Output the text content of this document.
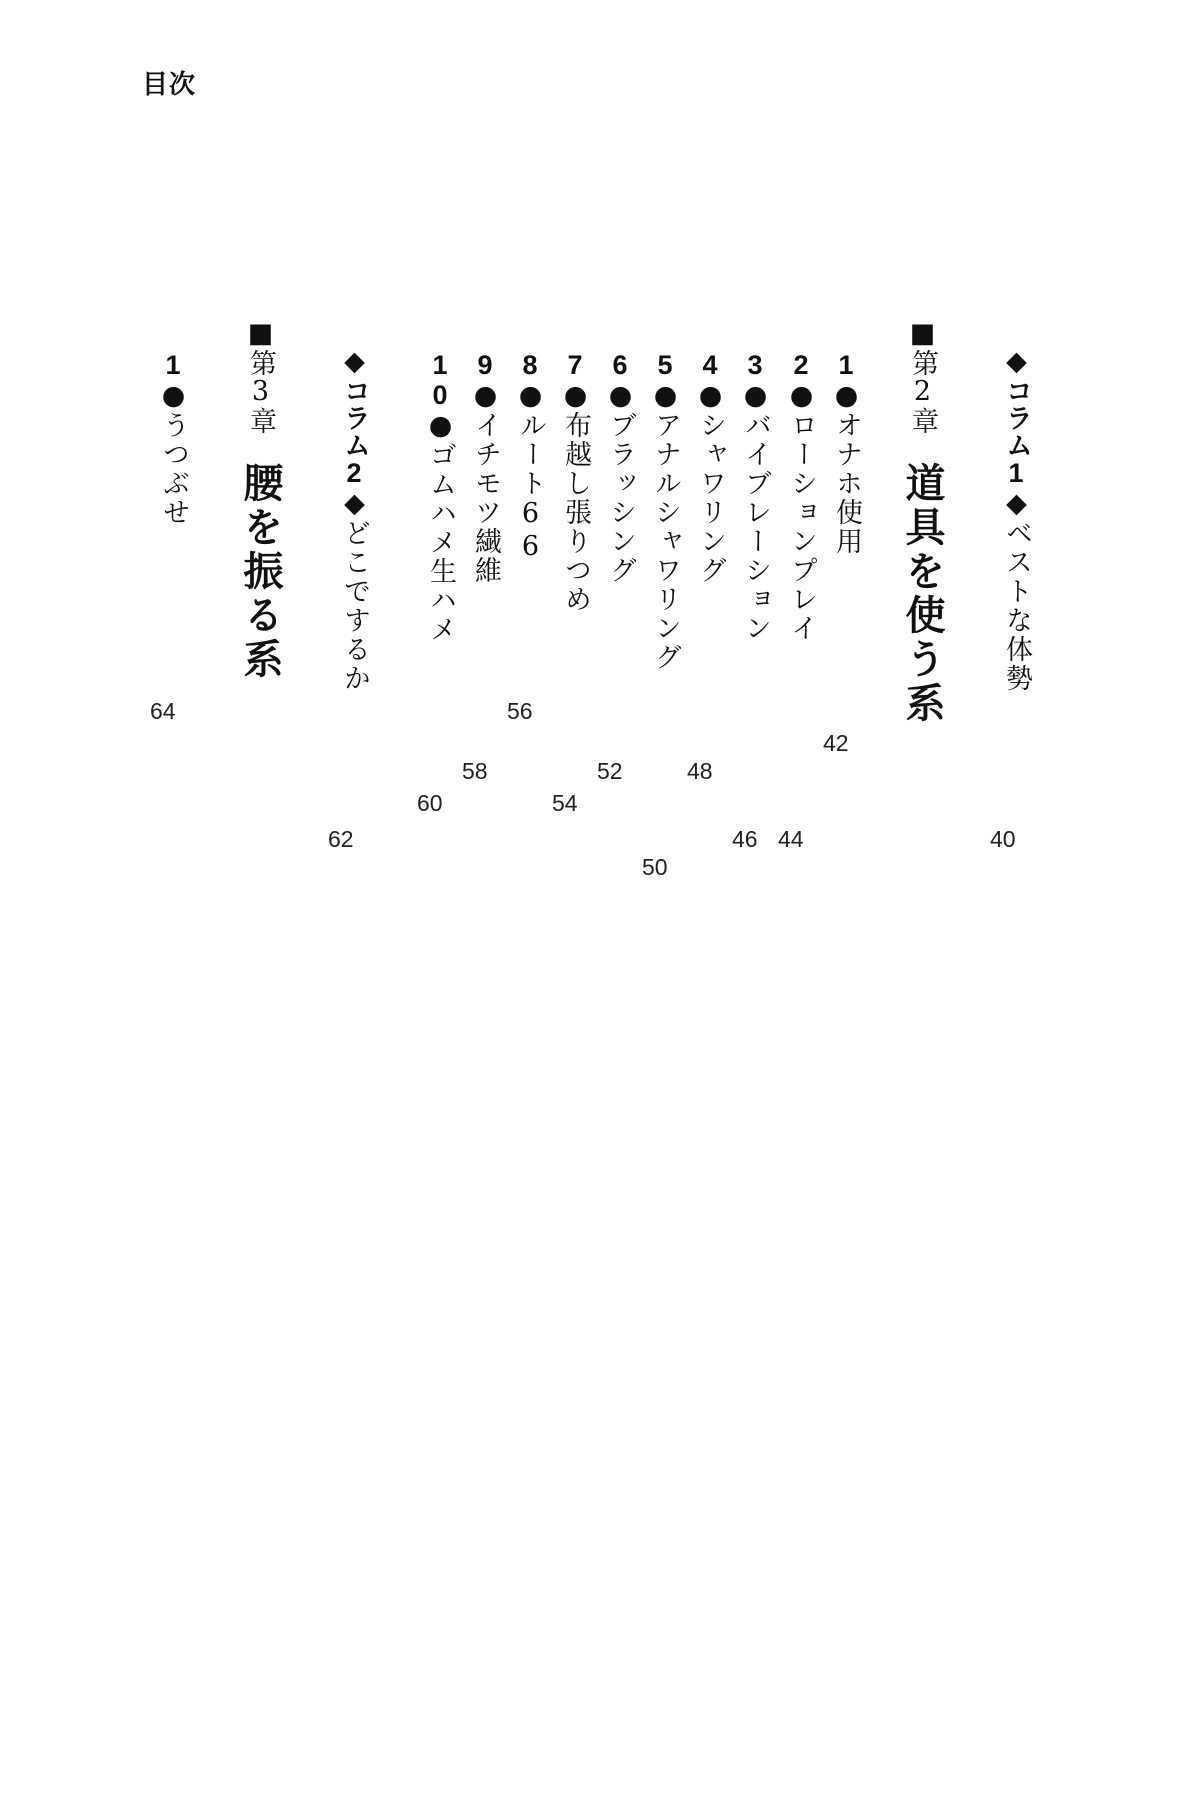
目次
◆コラム1◆ベストな体勢
40
■第2章道具を使う系
1●オナホ使用
42
2●ローションプレイ
44
3●バイブレーション
46
4●シャワリング
48
5●アナルシャワリング
50
6●ブラッシング
52
7●布越し張りつめ
54
8●ルート66
56
9●イチモツ繊維
58
10●ゴムハメ生ハメ
60
◆コラム2◆どこでするか
62
■第3章腰を振る系
1●うつぶせ
64
